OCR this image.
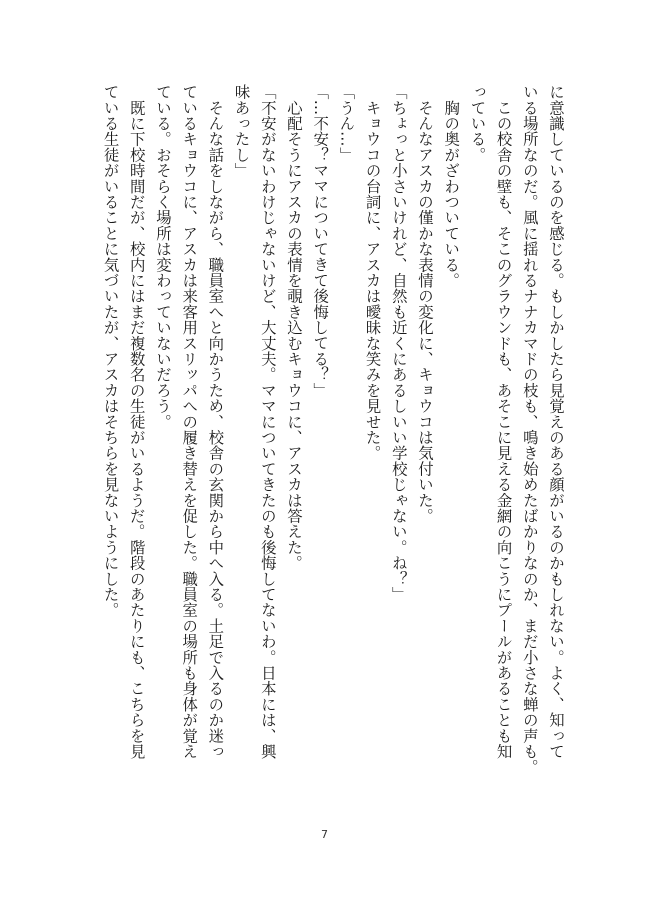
に意識しているのを感じる。もしかしたら見覚えのある顔がいるのかもしれない。よく、知って
いる場所なのだ。風に揺れるナナカマドの枝も、鳴き始めたばかりなのか、まだ小さな蝉の声も。
　この校舎の壁も、そこのグラウンドも、あそこに見える金網の向こうにプールがあることも知
っている。
　胸の奥がざわついている。
　そんなアスカの僅かな表情の変化に、キョウコは気付いた。
「ちょっと小さいけれど、自然も近くにあるしいい学校じゃない。ね？」
　キョウコの台詞に、アスカは曖昧な笑みを見せた。
「うん…」
「…不安？ママについてきて後悔してる？」
　心配そうにアスカの表情を覗き込むキョウコに、アスカは答えた。
「不安がないわけじゃないけど、大丈夫。ママについてきたのも後悔してないわ。日本には、興
味あったし」
　そんな話をしながら、職員室へと向かうため、校舎の玄関から中へ入る。土足で入るのか迷っ
ているキョウコに、アスカは来客用スリッパへの履き替えを促した。職員室の場所も身体が覚え
ている。おそらく場所は変わっていないだろう。
　既に下校時間だが、校内にはまだ複数名の生徒がいるようだ。階段のあたりにも、こちらを見
ている生徒がいることに気づいたが、アスカはそちらを見ないようにした。
7
